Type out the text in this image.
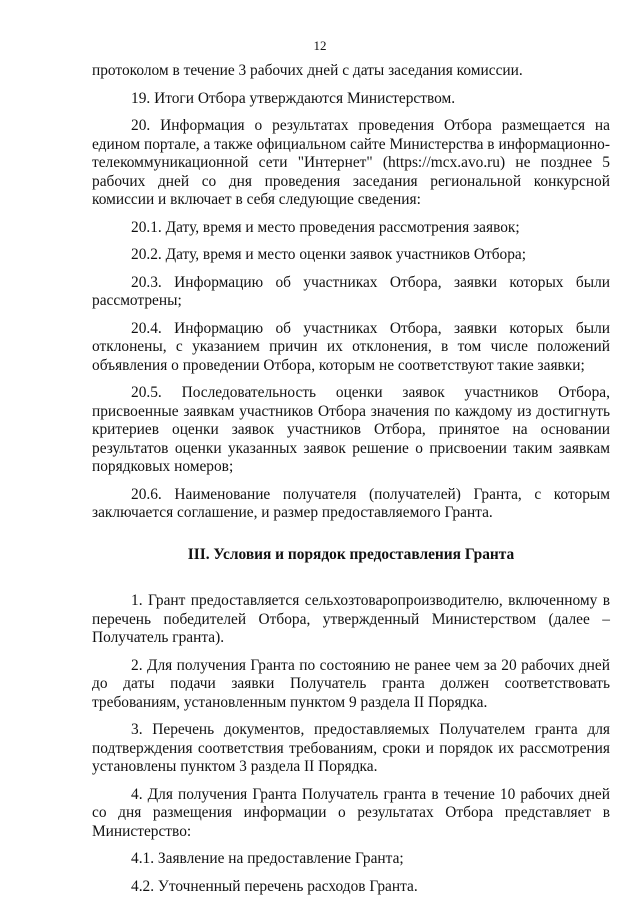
12

протоколом в течение 3 рабочих дней с даты заседания комиссии.

19. Итоги Отбора утверждаются Министерством.

20. Информация о результатах проведения Отбора размещается на едином портале, а также официальном сайте Министерства в информационно-телекоммуникационной сети "Интернет" (https://mcx.avo.ru) не позднее 5 рабочих дней со дня проведения заседания региональной конкурсной комиссии и включает в себя следующие сведения:

20.1. Дату, время и место проведения рассмотрения заявок;

20.2. Дату, время и место оценки заявок участников Отбора;

20.3. Информацию об участниках Отбора, заявки которых были рассмотрены;

20.4. Информацию об участниках Отбора, заявки которых были отклонены, с указанием причин их отклонения, в том числе положений объявления о проведении Отбора, которым не соответствуют такие заявки;

20.5. Последовательность оценки заявок участников Отбора, присвоенные заявкам участников Отбора значения по каждому из достигнуть критериев оценки заявок участников Отбора, принятое на основании результатов оценки указанных заявок решение о присвоении таким заявкам порядковых номеров;

20.6. Наименование получателя (получателей) Гранта, с которым заключается соглашение, и размер предоставляемого Гранта.

III. Условия и порядок предоставления Гранта

1. Грант предоставляется сельхозтоваропроизводителю, включенному в перечень победителей Отбора, утвержденный Министерством (далее – Получатель гранта).

2. Для получения Гранта по состоянию не ранее чем за 20 рабочих дней до даты подачи заявки Получатель гранта должен соответствовать требованиям, установленным пунктом 9 раздела II Порядка.

3. Перечень документов, предоставляемых Получателем гранта для подтверждения соответствия требованиям, сроки и порядок их рассмотрения установлены пунктом 3 раздела II Порядка.

4. Для получения Гранта Получатель гранта в течение 10 рабочих дней со дня размещения информации о результатах Отбора представляет в Министерство:

4.1. Заявление на предоставление Гранта;

4.2. Уточненный перечень расходов Гранта.
